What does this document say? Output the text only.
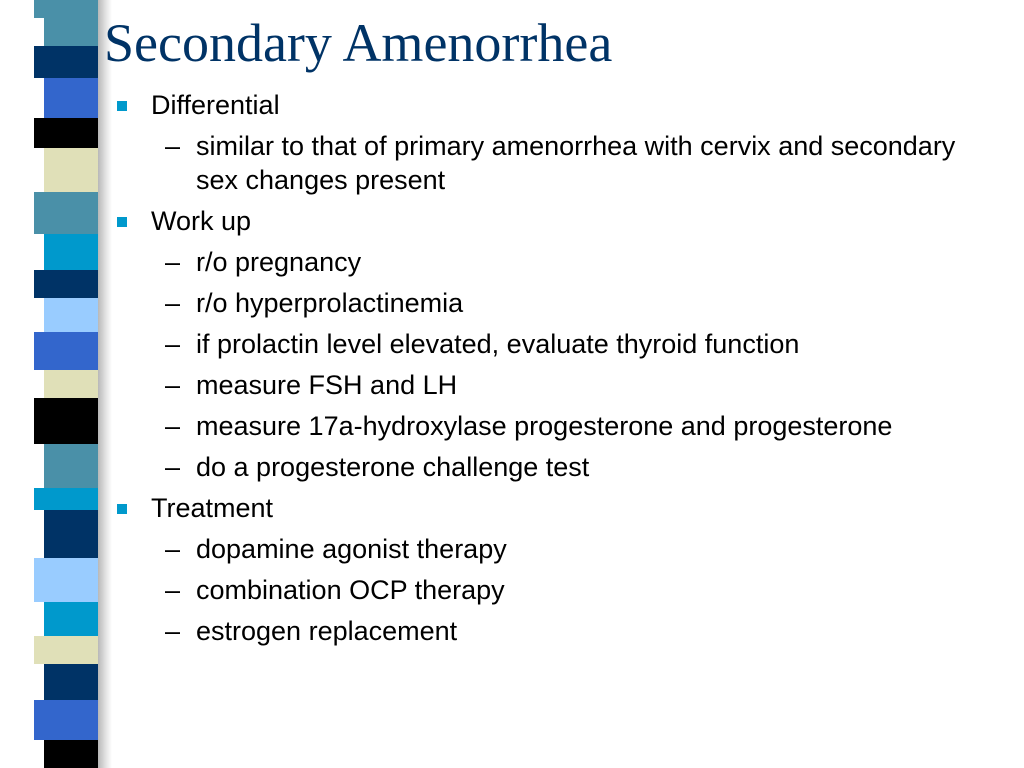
Secondary Amenorrhea
Differential
– similar to that of primary amenorrhea with cervix and secondary sex changes present
Work up
– r/o pregnancy
– r/o hyperprolactinemia
– if prolactin level elevated, evaluate thyroid function
– measure FSH and LH
– measure 17a-hydroxylase progesterone and progesterone
– do a progesterone challenge test
Treatment
– dopamine agonist therapy
– combination OCP therapy
– estrogen replacement
